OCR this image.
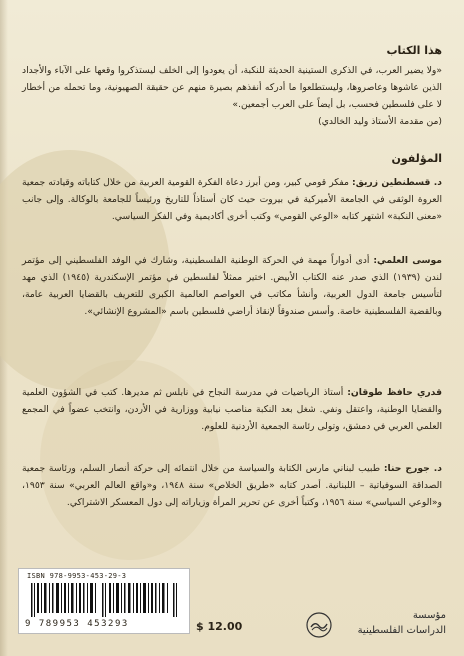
هذا الكتاب

«ولا يضير العرب، في الذكرى الستينية الحديثة للنكبة، أن يعودوا إلى الخلف ليستذكروا وقعها على الآباء والأجداد الذين عاشوها وعاصروها، وليستطلعوا ما أدركه أنفذهم بصيرة منهم عن حقيقة الصهيونية، وما تحمله من أخطار لا على فلسطين فحسب، بل أيضاً على العرب أجمعين.»

(من مقدمة الأستاذ وليد الخالدي)

المؤلفون

د. قسطنطين زريق: مفكر قومي كبير، ومن أبرز دعاة الفكرة القومية العربية من خلال كتاباته وقيادته جمعية العروة الوثقى في الجامعة الأميركية في بيروت حيث كان أستاذاً للتاريخ ورئيساً للجامعة بالوكالة. وإلى جانب «معنى النكبة» اشتهر كتابه «الوعي القومي» وكتب أخرى أكاديمية وفي الفكر السياسي.

موسى العلمي: أدى أدواراً مهمة في الحركة الوطنية الفلسطينية، وشارك في الوفد الفلسطيني إلى مؤتمر لندن (١٩٣٩) الذي صدر عنه الكتاب الأبيض. اختير ممثلاً لفلسطين في مؤتمر الإسكندرية (١٩٤٥) الذي مهد لتأسيس جامعة الدول العربية، وأنشأ مكاتب في العواصم العالمية الكبرى للتعريف بالقضايا العربية عامة، وبالقضية الفلسطينية خاصة. وأسس صندوقاً لإنقاذ أراضي فلسطين باسم «المشروع الإنشائي».

قدري حافظ طوقان: أستاذ الرياضيات في مدرسة النجاح في نابلس ثم مديرها. كتب في الشؤون العلمية والقضايا الوطنية، واعتقل ونفي. شغل بعد النكبة مناصب نيابية ووزارية في الأردن، وانتخب عضواً في المجمع العلمي العربي في دمشق، وتولى رئاسة الجمعية الأردنية للعلوم.

د. جورج حنا: طبيب لبناني مارس الكتابة والسياسة من خلال انتمائه إلى حركة أنصار السلم، ورئاسة جمعية الصداقة السوفياتية – اللبنانية. أصدر كتابه «طريق الخلاص» سنة ١٩٤٨، و«واقع العالم العربي» سنة ١٩٥٣، و«الوعي السياسي» سنة ١٩٥٦، وكتباً أخرى عن تحرير المرأة وزياراته إلى دول المعسكر الاشتراكي.

ISBN 978-9953-453-29-3
9 789953 453293	$ 12.00
مؤسسة
الدراسات الفلسطينية
